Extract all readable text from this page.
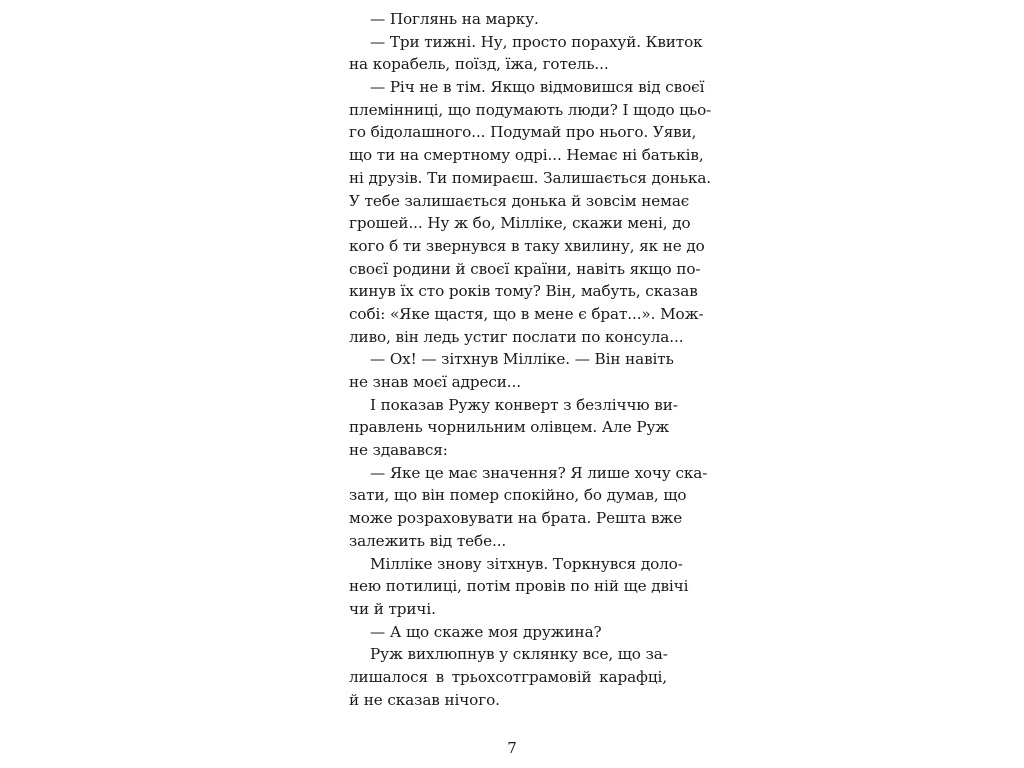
— Поглянь на марку.
— Три тижні. Ну, просто порахуй. Квиток
на корабель, поїзд, їжа, готель...
— Річ не в тім. Якщо відмовишся від своєї
племінниці, що подумають люди? І щодо цьо-
го бідолашного... Подумай про нього. Уяви,
що ти на смертному одрі... Немає ні батьків,
ні друзів. Ти помираєш. Залишається донька.
У тебе залишається донька й зовсім немає
грошей... Ну ж бо, Мілліке, скажи мені, до
кого б ти звернувся в таку хвилину, як не до
своєї родини й своєї країни, навіть якщо по-
кинув їх сто років тому? Він, мабуть, сказав
собі: «Яке щастя, що в мене є брат...». Мож-
ливо, він ледь устиг послати по консула...
— Ох! — зітхнув Мілліке. — Він навіть
не знав моєї адреси...
І показав Ружу конверт з безліччю ви-
правлень чорнильним олівцем. Але Руж
не здавався:
— Яке це має значення? Я лише хочу ска-
зати, що він помер спокійно, бо думав, що
може розраховувати на брата. Решта вже
залежить від тебе...
Мілліке знову зітхнув. Торкнувся доло-
нею потилиці, потім провів по ній ще двічі
чи й тричі.
— А що скаже моя дружина?
Руж вихлюпнув у склянку все, що за-
лишалося в трьохсотграмовій карафці,
й не сказав нічого.
7
